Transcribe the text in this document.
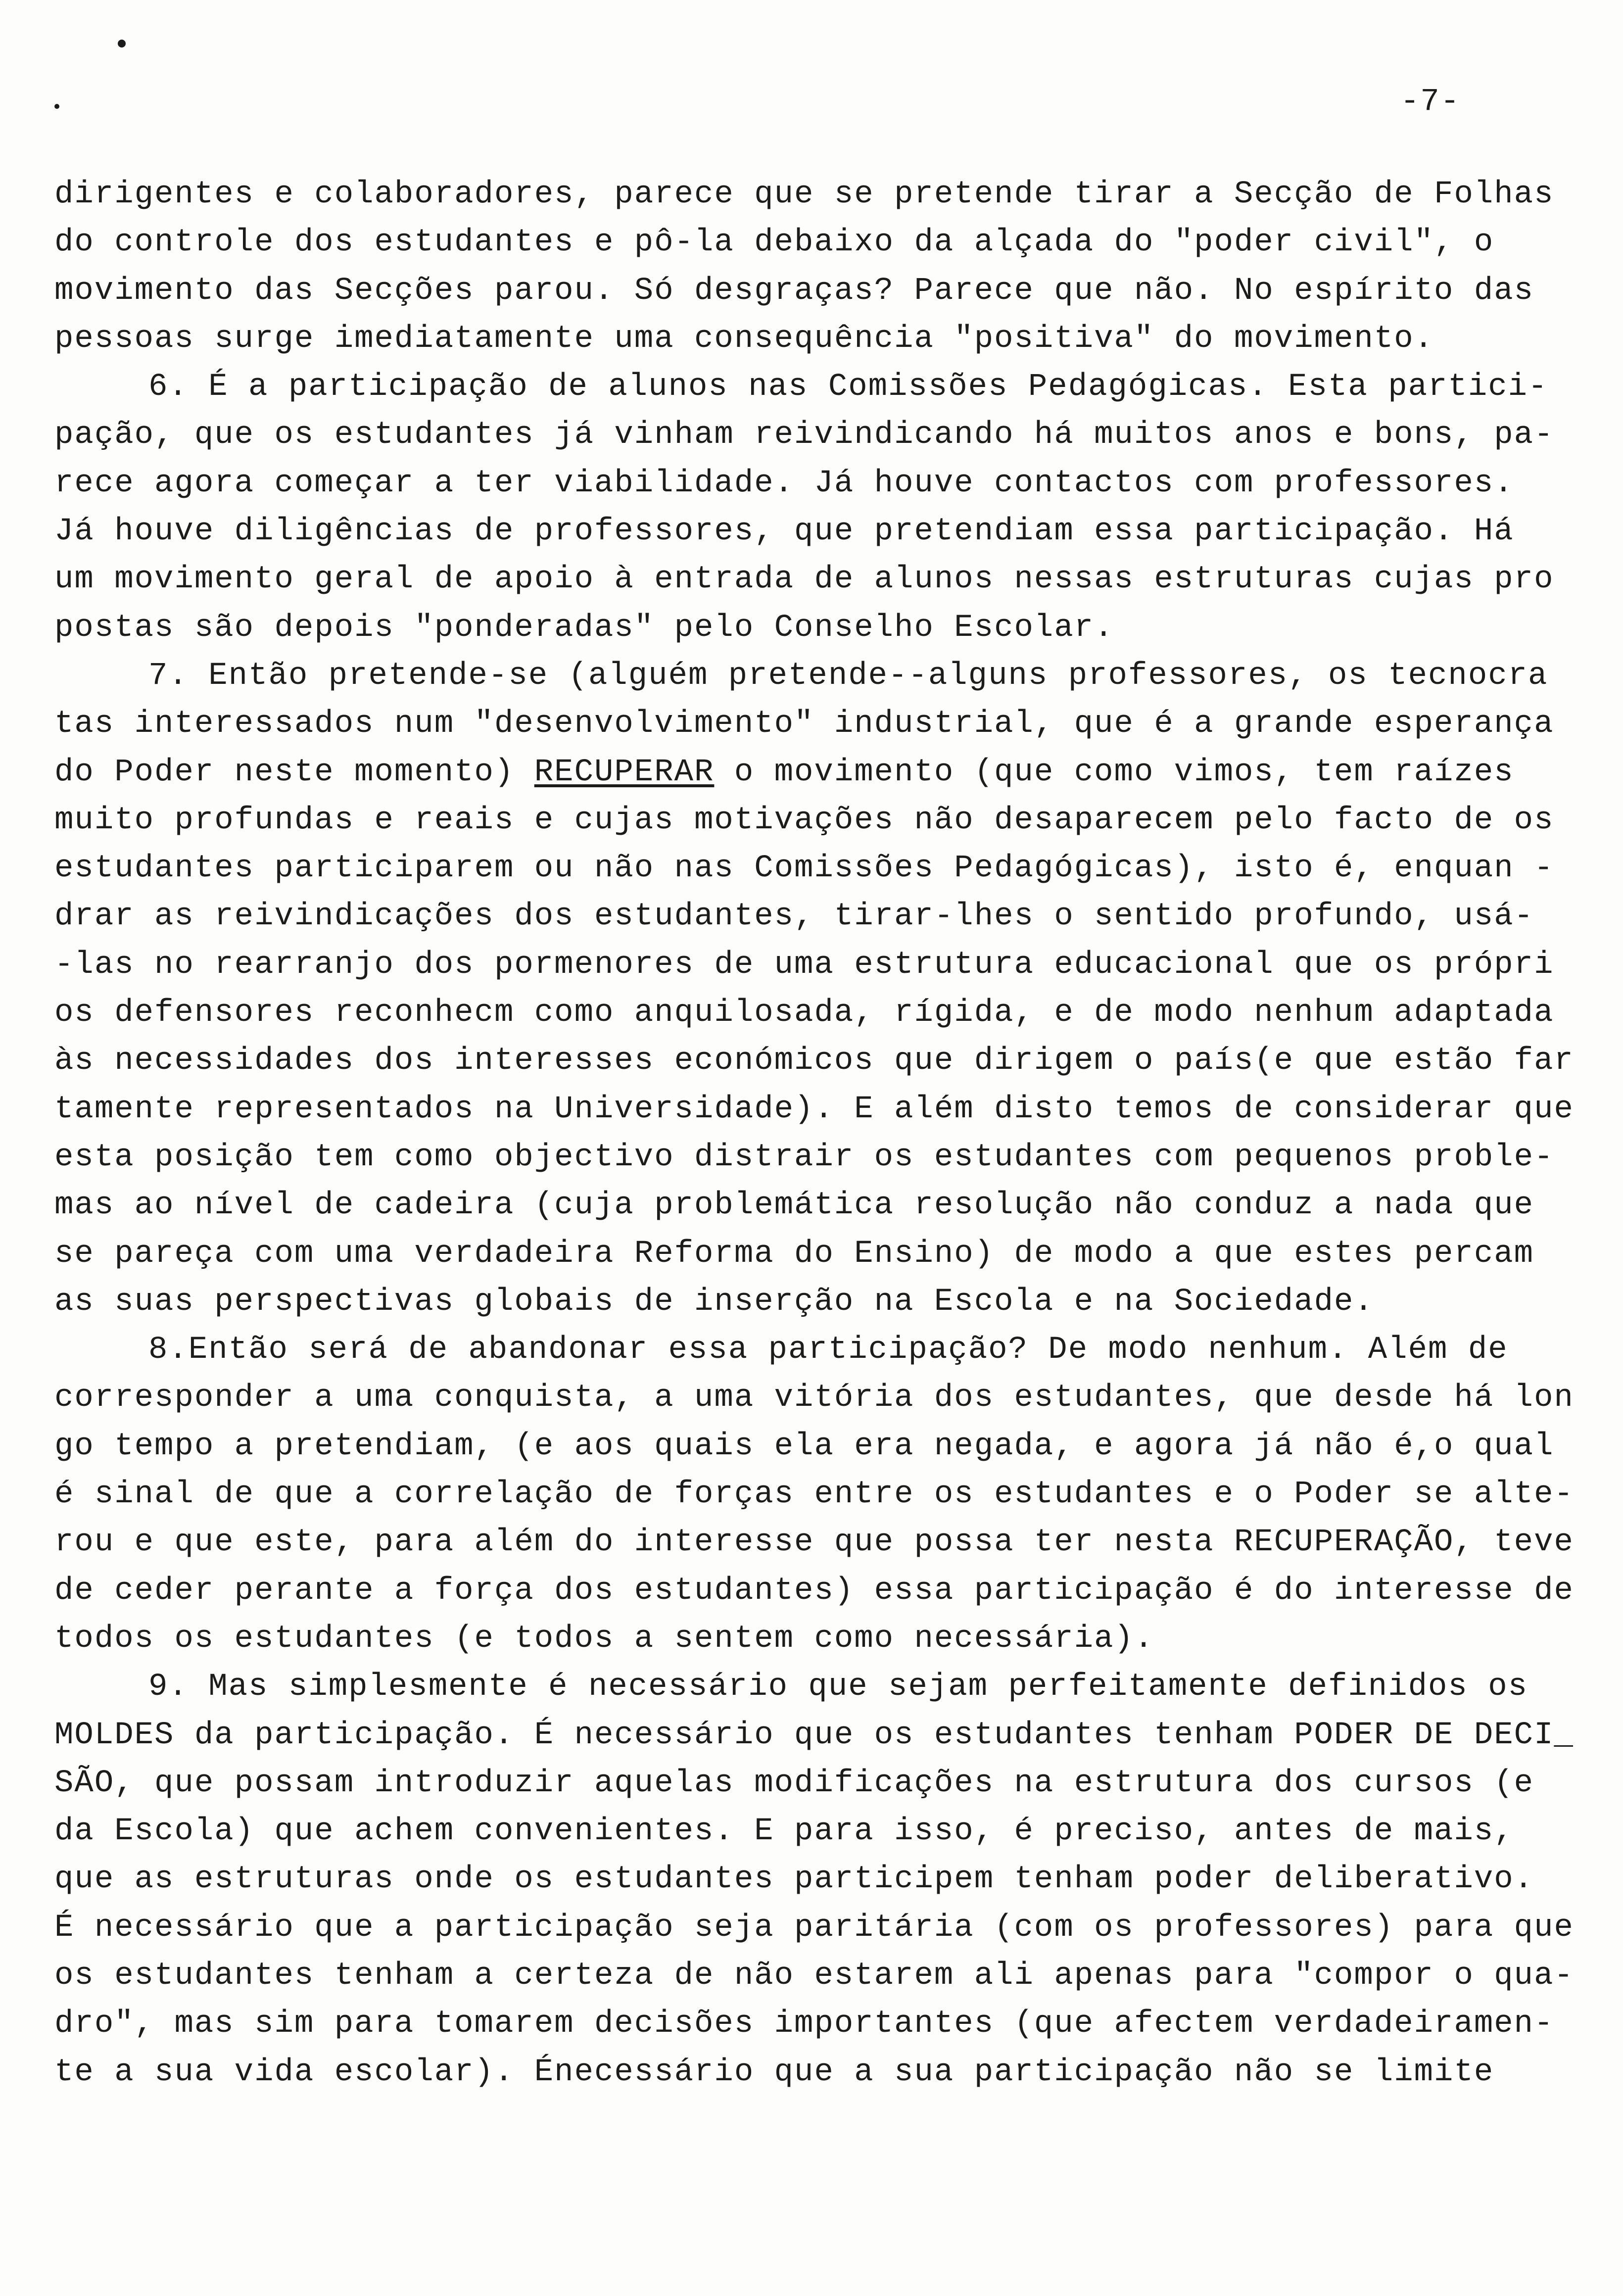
-7-
dirigentes e colaboradores, parece que se pretende tirar a Secção de Folhas
do controle dos estudantes e pô-la debaixo da alçada do "poder civil", o
movimento das Secções parou. Só desgraças? Parece que não. No espírito das
pessoas surge imediatamente uma consequência "positiva" do movimento.
6. É a participação de alunos nas Comissões Pedagógicas. Esta partici-
pação, que os estudantes já vinham reivindicando há muitos anos e bons, pa-
rece agora começar a ter viabilidade. Já houve contactos com professores.
Já houve diligências de professores, que pretendiam essa participação. Há
um movimento geral de apoio à entrada de alunos nessas estruturas cujas pro
postas são depois "ponderadas" pelo Conselho Escolar.
7. Então pretende-se (alguém pretende--alguns professores, os tecnocra
tas interessados num "desenvolvimento" industrial, que é a grande esperança
do Poder neste momento) RECUPERAR o movimento (que como vimos, tem raízes
muito profundas e reais e cujas motivações não desaparecem pelo facto de os
estudantes participarem ou não nas Comissões Pedagógicas), isto é, enquan -
drar as reivindicações dos estudantes, tirar-lhes o sentido profundo, usá-
-las no rearranjo dos pormenores de uma estrutura educacional que os própri
os defensores reconhecm como anquilosada, rígida, e de modo nenhum adaptada
às necessidades dos interesses económicos que dirigem o país(e que estão far
tamente representados na Universidade). E além disto temos de considerar que
esta posição tem como objectivo distrair os estudantes com pequenos proble-
mas ao nível de cadeira (cuja problemática resolução não conduz a nada que
se pareça com uma verdadeira Reforma do Ensino) de modo a que estes percam
as suas perspectivas globais de inserção na Escola e na Sociedade.
8.Então será de abandonar essa participação? De modo nenhum. Além de
corresponder a uma conquista, a uma vitória dos estudantes, que desde há lon
go tempo a pretendiam, (e aos quais ela era negada, e agora já não é,o qual
é sinal de que a correlação de forças entre os estudantes e o Poder se alte-
rou e que este, para além do interesse que possa ter nesta RECUPERAÇÃO, teve
de ceder perante a força dos estudantes) essa participação é do interesse de
todos os estudantes (e todos a sentem como necessária).
9. Mas simplesmente é necessário que sejam perfeitamente definidos os
MOLDES da participação. É necessário que os estudantes tenham PODER DE DECI_
SÃO, que possam introduzir aquelas modificações na estrutura dos cursos (e
da Escola) que achem convenientes. E para isso, é preciso, antes de mais,
que as estruturas onde os estudantes participem tenham poder deliberativo.
É necessário que a participação seja paritária (com os professores) para que
os estudantes tenham a certeza de não estarem ali apenas para "compor o qua-
dro", mas sim para tomarem decisões importantes (que afectem verdadeiramen-
te a sua vida escolar). Énecessário que a sua participação não se limite
